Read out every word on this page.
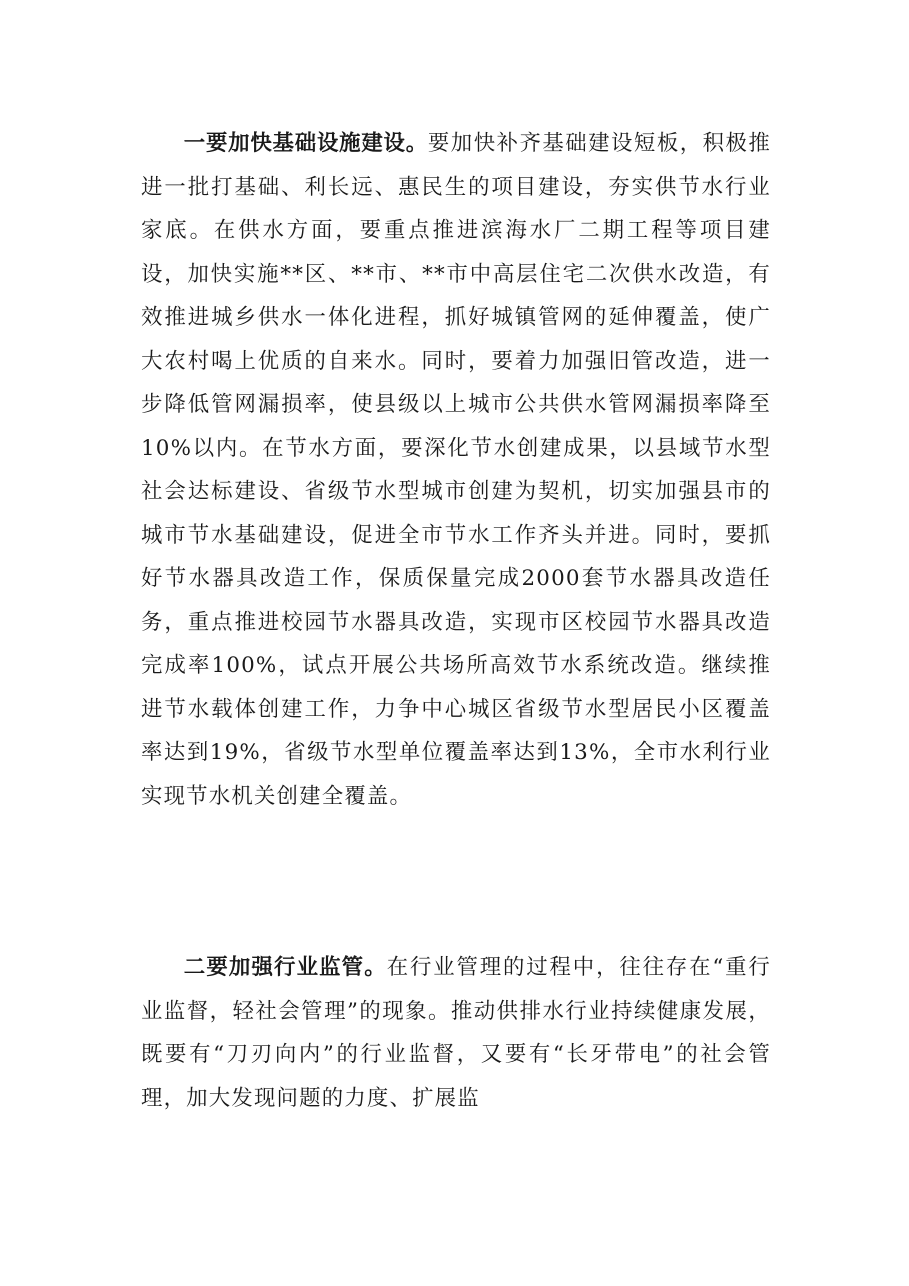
一要加快基础设施建设。要加快补齐基础建设短板，积极推进一批打基础、利长远、惠民生的项目建设，夯实供节水行业家底。在供水方面，要重点推进滨海水厂二期工程等项目建设，加快实施**区、**市、**市中高层住宅二次供水改造，有效推进城乡供水一体化进程，抓好城镇管网的延伸覆盖，使广大农村喝上优质的自来水。同时，要着力加强旧管改造，进一步降低管网漏损率，使县级以上城市公共供水管网漏损率降至10%以内。在节水方面，要深化节水创建成果，以县域节水型社会达标建设、省级节水型城市创建为契机，切实加强县市的城市节水基础建设，促进全市节水工作齐头并进。同时，要抓好节水器具改造工作，保质保量完成2000套节水器具改造任务，重点推进校园节水器具改造，实现市区校园节水器具改造完成率100%，试点开展公共场所高效节水系统改造。继续推进节水载体创建工作，力争中心城区省级节水型居民小区覆盖率达到19%，省级节水型单位覆盖率达到13%，全市水利行业实现节水机关创建全覆盖。

二要加强行业监管。在行业管理的过程中，往往存在“重行业监督，轻社会管理”的现象。推动供排水行业持续健康发展，既要有“刀刃向内”的行业监督，又要有“长牙带电”的社会管理，加大发现问题的力度、扩展监
